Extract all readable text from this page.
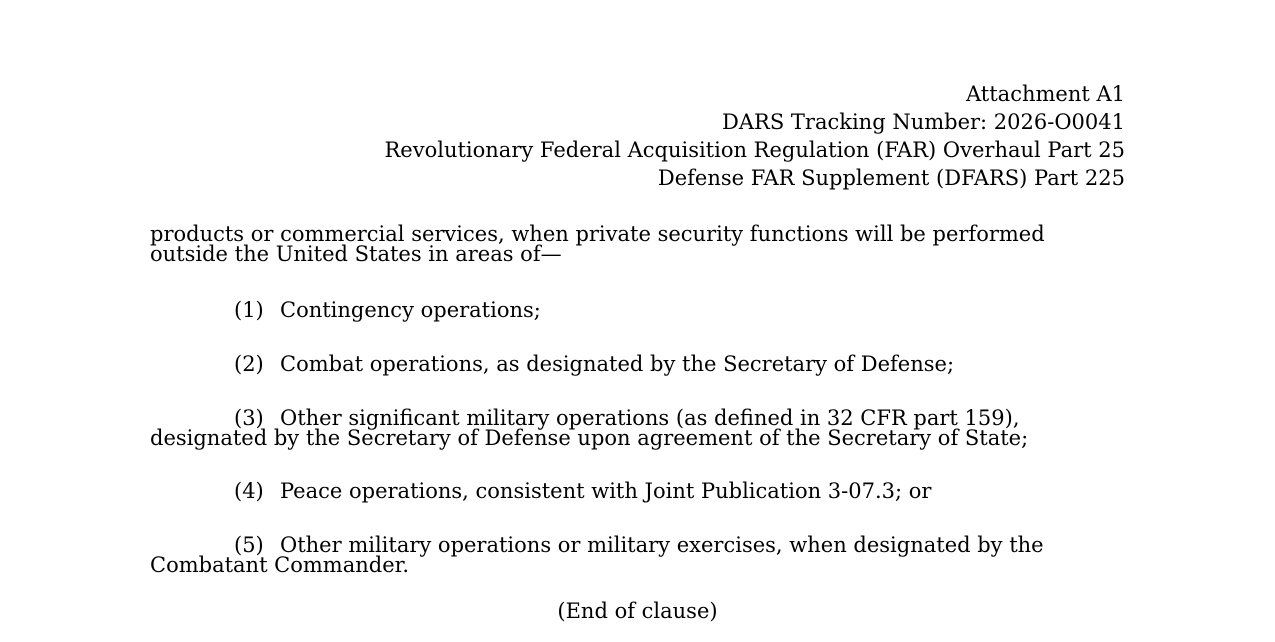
Attachment A1
DARS Tracking Number: 2026-O0041
Revolutionary Federal Acquisition Regulation (FAR) Overhaul Part 25
Defense FAR Supplement (DFARS) Part 225

products or commercial services, when private security functions will be performed
outside the United States in areas of—

(1) Contingency operations;

(2) Combat operations, as designated by the Secretary of Defense;

(3) Other significant military operations (as defined in 32 CFR part 159),
designated by the Secretary of Defense upon agreement of the Secretary of State;

(4) Peace operations, consistent with Joint Publication 3-07.3; or

(5) Other military operations or military exercises, when designated by the
Combatant Commander.

(End of clause)
